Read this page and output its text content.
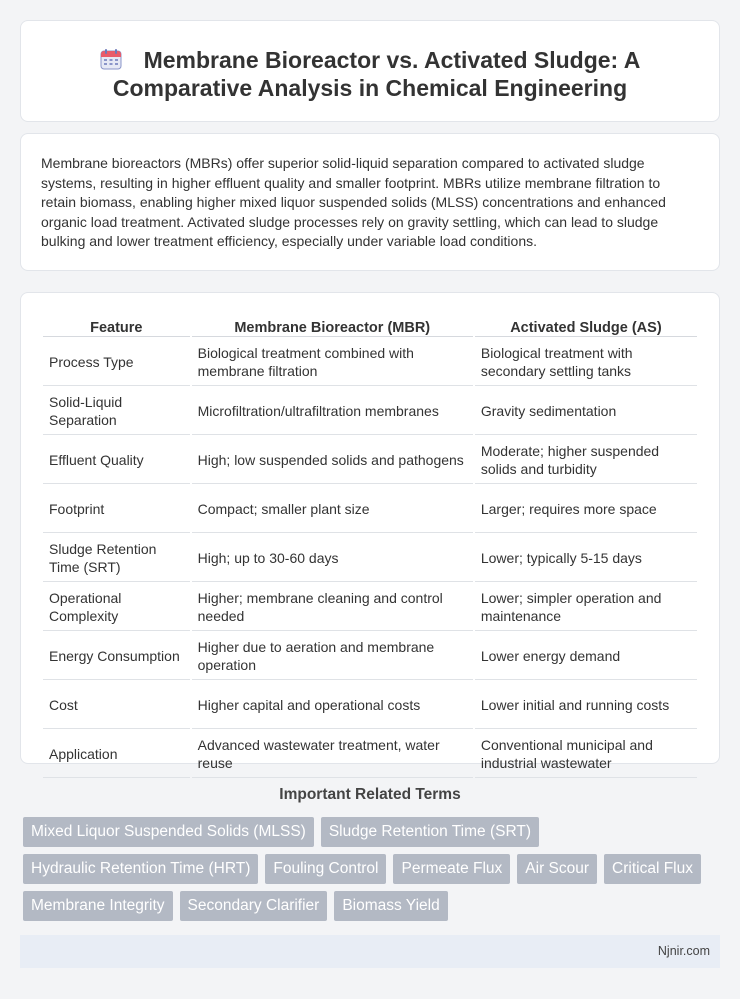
Membrane Bioreactor vs. Activated Sludge: A Comparative Analysis in Chemical Engineering

Membrane bioreactors (MBRs) offer superior solid-liquid separation compared to activated sludge systems, resulting in higher effluent quality and smaller footprint. MBRs utilize membrane filtration to retain biomass, enabling higher mixed liquor suspended solids (MLSS) concentrations and enhanced organic load treatment. Activated sludge processes rely on gravity settling, which can lead to sludge bulking and lower treatment efficiency, especially under variable load conditions.

Feature	Membrane Bioreactor (MBR)	Activated Sludge (AS)
Process Type	Biological treatment combined with membrane filtration	Biological treatment with secondary settling tanks
Solid-Liquid Separation	Microfiltration/ultrafiltration membranes	Gravity sedimentation
Effluent Quality	High; low suspended solids and pathogens	Moderate; higher suspended solids and turbidity
Footprint	Compact; smaller plant size	Larger; requires more space
Sludge Retention Time (SRT)	High; up to 30-60 days	Lower; typically 5-15 days
Operational Complexity	Higher; membrane cleaning and control needed	Lower; simpler operation and maintenance
Energy Consumption	Higher due to aeration and membrane operation	Lower energy demand
Cost	Higher capital and operational costs	Lower initial and running costs
Application	Advanced wastewater treatment, water reuse	Conventional municipal and industrial wastewater
Important Related Terms
Mixed Liquor Suspended Solids (MLSS)	Sludge Retention Time (SRT)
Hydraulic Retention Time (HRT)	Fouling Control	Permeate Flux	Air Scour	Critical Flux
Membrane Integrity	Secondary Clarifier	Biomass Yield
Njnir.com
